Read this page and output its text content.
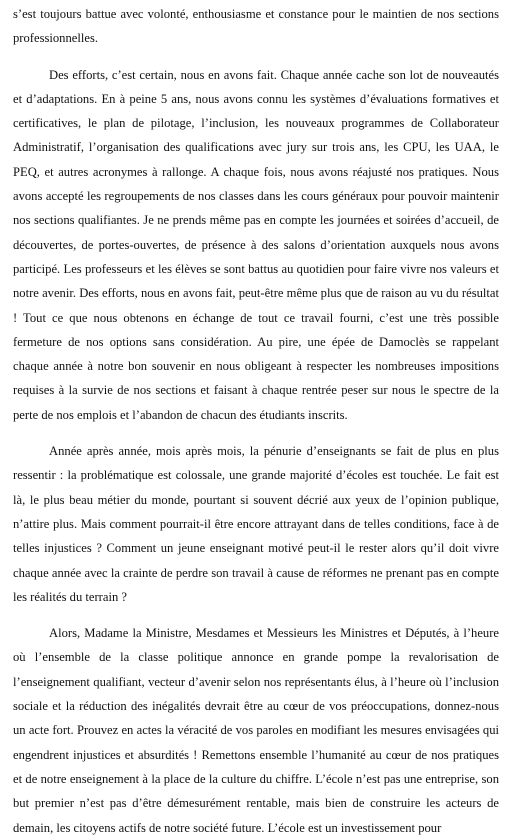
s’est toujours battue avec volonté, enthousiasme et constance pour le maintien de nos sections professionnelles.

Des efforts, c’est certain, nous en avons fait. Chaque année cache son lot de nouveautés et d’adaptations. En à peine 5 ans, nous avons connu les systèmes d’évaluations formatives et certificatives, le plan de pilotage, l’inclusion, les nouveaux programmes de Collaborateur Administratif, l’organisation des qualifications avec jury sur trois ans, les CPU, les UAA, le PEQ, et autres acronymes à rallonge. A chaque fois, nous avons réajusté nos pratiques. Nous avons accepté les regroupements de nos classes dans les cours généraux pour pouvoir maintenir nos sections qualifiantes. Je ne prends même pas en compte les journées et soirées d’accueil, de découvertes, de portes-ouvertes, de présence à des salons d’orientation auxquels nous avons participé. Les professeurs et les élèves se sont battus au quotidien pour faire vivre nos valeurs et notre avenir. Des efforts, nous en avons fait, peut-être même plus que de raison au vu du résultat ! Tout ce que nous obtenons en échange de tout ce travail fourni, c’est une très possible fermeture de nos options sans considération. Au pire, une épée de Damoclès se rappelant chaque année à notre bon souvenir en nous obligeant à respecter les nombreuses impositions requises à la survie de nos sections et faisant à chaque rentrée peser sur nous le spectre de la perte de nos emplois et l’abandon de chacun des étudiants inscrits.

Année après année, mois après mois, la pénurie d’enseignants se fait de plus en plus ressentir : la problématique est colossale, une grande majorité d’écoles est touchée. Le fait est là, le plus beau métier du monde, pourtant si souvent décrié aux yeux de l’opinion publique, n’attire plus. Mais comment pourrait-il être encore attrayant dans de telles conditions, face à de telles injustices ? Comment un jeune enseignant motivé peut-il le rester alors qu’il doit vivre chaque année avec la crainte de perdre son travail à cause de réformes ne prenant pas en compte les réalités du terrain ?

Alors, Madame la Ministre, Mesdames et Messieurs les Ministres et Députés, à l’heure où l’ensemble de la classe politique annonce en grande pompe la revalorisation de l’enseignement qualifiant, vecteur d’avenir selon nos représentants élus, à l’heure où l’inclusion sociale et la réduction des inégalités devrait être au cœur de vos préoccupations, donnez-nous un acte fort. Prouvez en actes la véracité de vos paroles en modifiant les mesures envisagées qui engendrent injustices et absurdités ! Remettons ensemble l’humanité au cœur de nos pratiques et de notre enseignement à la place de la culture du chiffre. L’école n’est pas une entreprise, son but premier n’est pas d’être démesurément rentable, mais bien de construire les acteurs de demain, les citoyens actifs de notre société future. L’école est un investissement pour
